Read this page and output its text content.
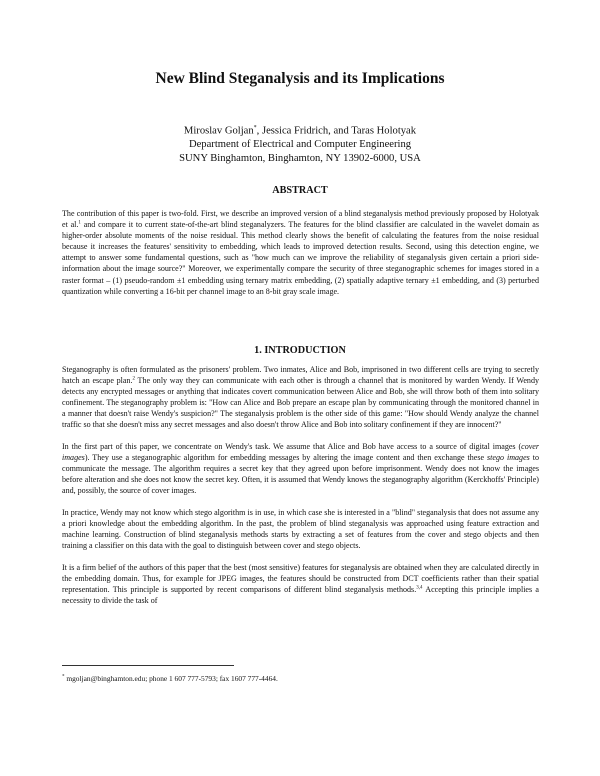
New Blind Steganalysis and its Implications
Miroslav Goljan*, Jessica Fridrich, and Taras Holotyak
Department of Electrical and Computer Engineering
SUNY Binghamton, Binghamton, NY 13902-6000, USA
ABSTRACT

The contribution of this paper is two-fold. First, we describe an improved version of a blind steganalysis method previously proposed by Holotyak et al.$^1$ and compare it to current state-of-the-art blind steganalyzers. The features for the blind classifier are calculated in the wavelet domain as higher-order absolute moments of the noise residual. This method clearly shows the benefit of calculating the features from the noise residual because it increases the features' sensitivity to embedding, which leads to improved detection results. Second, using this detection engine, we attempt to answer some fundamental questions, such as "how much can we improve the reliability of steganalysis given certain a priori side-information about the image source?" Moreover, we experimentally compare the security of three steganographic schemes for images stored in a raster format – (1) pseudo-random ±1 embedding using ternary matrix embedding, (2) spatially adaptive ternary ±1 embedding, and (3) perturbed quantization while converting a 16-bit per channel image to an 8-bit gray scale image.

1. INTRODUCTION

Steganography is often formulated as the prisoners' problem. Two inmates, Alice and Bob, imprisoned in two different cells are trying to secretly hatch an escape plan.$^2$ The only way they can communicate with each other is through a channel that is monitored by warden Wendy. If Wendy detects any encrypted messages or anything that indicates covert communication between Alice and Bob, she will throw both of them into solitary confinement. The steganography problem is: "How can Alice and Bob prepare an escape plan by communicating through the monitored channel in a manner that doesn't raise Wendy's suspicion?" The steganalysis problem is the other side of this game: "How should Wendy analyze the channel traffic so that she doesn't miss any secret messages and also doesn't throw Alice and Bob into solitary confinement if they are innocent?"

In the first part of this paper, we concentrate on Wendy's task. We assume that Alice and Bob have access to a source of digital images (cover images). They use a steganographic algorithm for embedding messages by altering the image content and then exchange these stego images to communicate the message. The algorithm requires a secret key that they agreed upon before imprisonment. Wendy does not know the images before alteration and she does not know the secret key. Often, it is assumed that Wendy knows the steganography algorithm (Kerckhoffs' Principle) and, possibly, the source of cover images.

In practice, Wendy may not know which stego algorithm is in use, in which case she is interested in a "blind" steganalysis that does not assume any a priori knowledge about the embedding algorithm. In the past, the problem of blind steganalysis was approached using feature extraction and machine learning. Construction of blind steganalysis methods starts by extracting a set of features from the cover and stego objects and then training a classifier on this data with the goal to distinguish between cover and stego objects.

It is a firm belief of the authors of this paper that the best (most sensitive) features for steganalysis are obtained when they are calculated directly in the embedding domain. Thus, for example for JPEG images, the features should be constructed from DCT coefficients rather than their spatial representation. This principle is supported by recent comparisons of different blind steganalysis methods.$^{3,4}$ Accepting this principle implies a necessity to divide the task of

* mgoljan@binghamton.edu; phone 1 607 777-5793; fax 1607 777-4464.
